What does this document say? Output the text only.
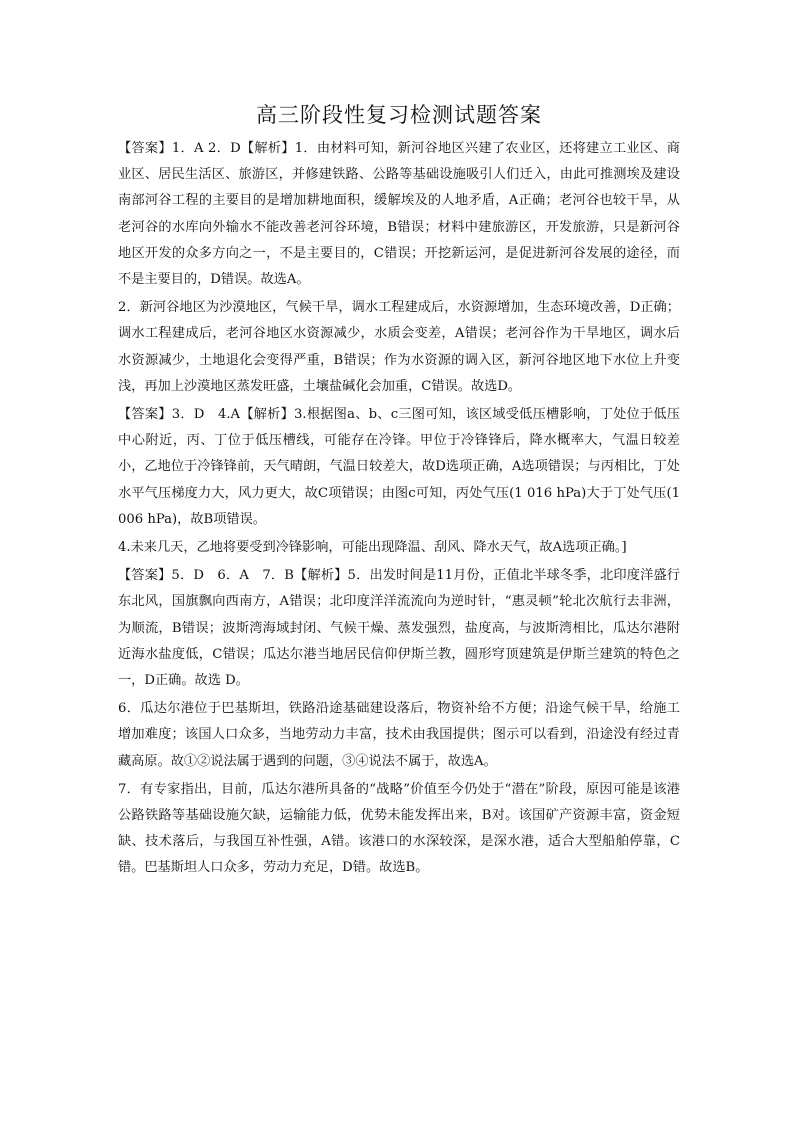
高三阶段性复习检测试题答案

【答案】1．A 2．D【解析】1．由材料可知，新河谷地区兴建了农业区，还将建立工业区、商业区、居民生活区、旅游区，并修建铁路、公路等基础设施吸引人们迁入，由此可推测埃及建设南部河谷工程的主要目的是增加耕地面积，缓解埃及的人地矛盾，A正确；老河谷也较干旱，从老河谷的水库向外输水不能改善老河谷环境，B错误；材料中建旅游区，开发旅游，只是新河谷地区开发的众多方向之一，不是主要目的，C错误；开挖新运河，是促进新河谷发展的途径，而不是主要目的，D错误。故选A。

2．新河谷地区为沙漠地区，气候干旱，调水工程建成后，水资源增加，生态环境改善，D正确；调水工程建成后，老河谷地区水资源减少，水质会变差，A错误；老河谷作为干旱地区，调水后水资源减少，土地退化会变得严重，B错误；作为水资源的调入区，新河谷地区地下水位上升变浅，再加上沙漠地区蒸发旺盛，土壤盐碱化会加重，C错误。故选D。

【答案】3．D　4.A【解析】3.根据图a、b、c三图可知，该区域受低压槽影响，丁处位于低压中心附近，丙、丁位于低压槽线，可能存在冷锋。甲位于冷锋锋后，降水概率大，气温日较差小，乙地位于冷锋锋前，天气晴朗，气温日较差大，故D选项正确，A选项错误；与丙相比，丁处水平气压梯度力大，风力更大，故C项错误；由图c可知，丙处气压(1 016 hPa)大于丁处气压(1 006 hPa)，故B项错误。

4.未来几天，乙地将要受到冷锋影响，可能出现降温、刮风、降水天气，故A选项正确。]

【答案】5．D　6．A　7．B【解析】5．出发时间是11月份，正值北半球冬季，北印度洋盛行东北风，国旗飘向西南方，A错误；北印度洋洋流流向为逆时针，“惠灵顿”轮北次航行去非洲，为顺流，B错误；波斯湾海域封闭、气候干燥、蒸发强烈，盐度高，与波斯湾相比，瓜达尔港附近海水盐度低，C错误；瓜达尔港当地居民信仰伊斯兰教，圆形穹顶建筑是伊斯兰建筑的特色之一，D正确。故选 D。

6．瓜达尔港位于巴基斯坦，铁路沿途基础建设落后，物资补给不方便；沿途气候干旱，给施工增加难度；该国人口众多，当地劳动力丰富，技术由我国提供；图示可以看到，沿途没有经过青藏高原。故①②说法属于遇到的问题，③④说法不属于，故选A。

7．有专家指出，目前，瓜达尔港所具备的“战略”价值至今仍处于“潜在”阶段，原因可能是该港公路铁路等基础设施欠缺，运输能力低，优势未能发挥出来，B对。该国矿产资源丰富，资金短缺、技术落后，与我国互补性强，A错。该港口的水深较深，是深水港，适合大型船舶停靠，C错。巴基斯坦人口众多，劳动力充足，D错。故选B。
